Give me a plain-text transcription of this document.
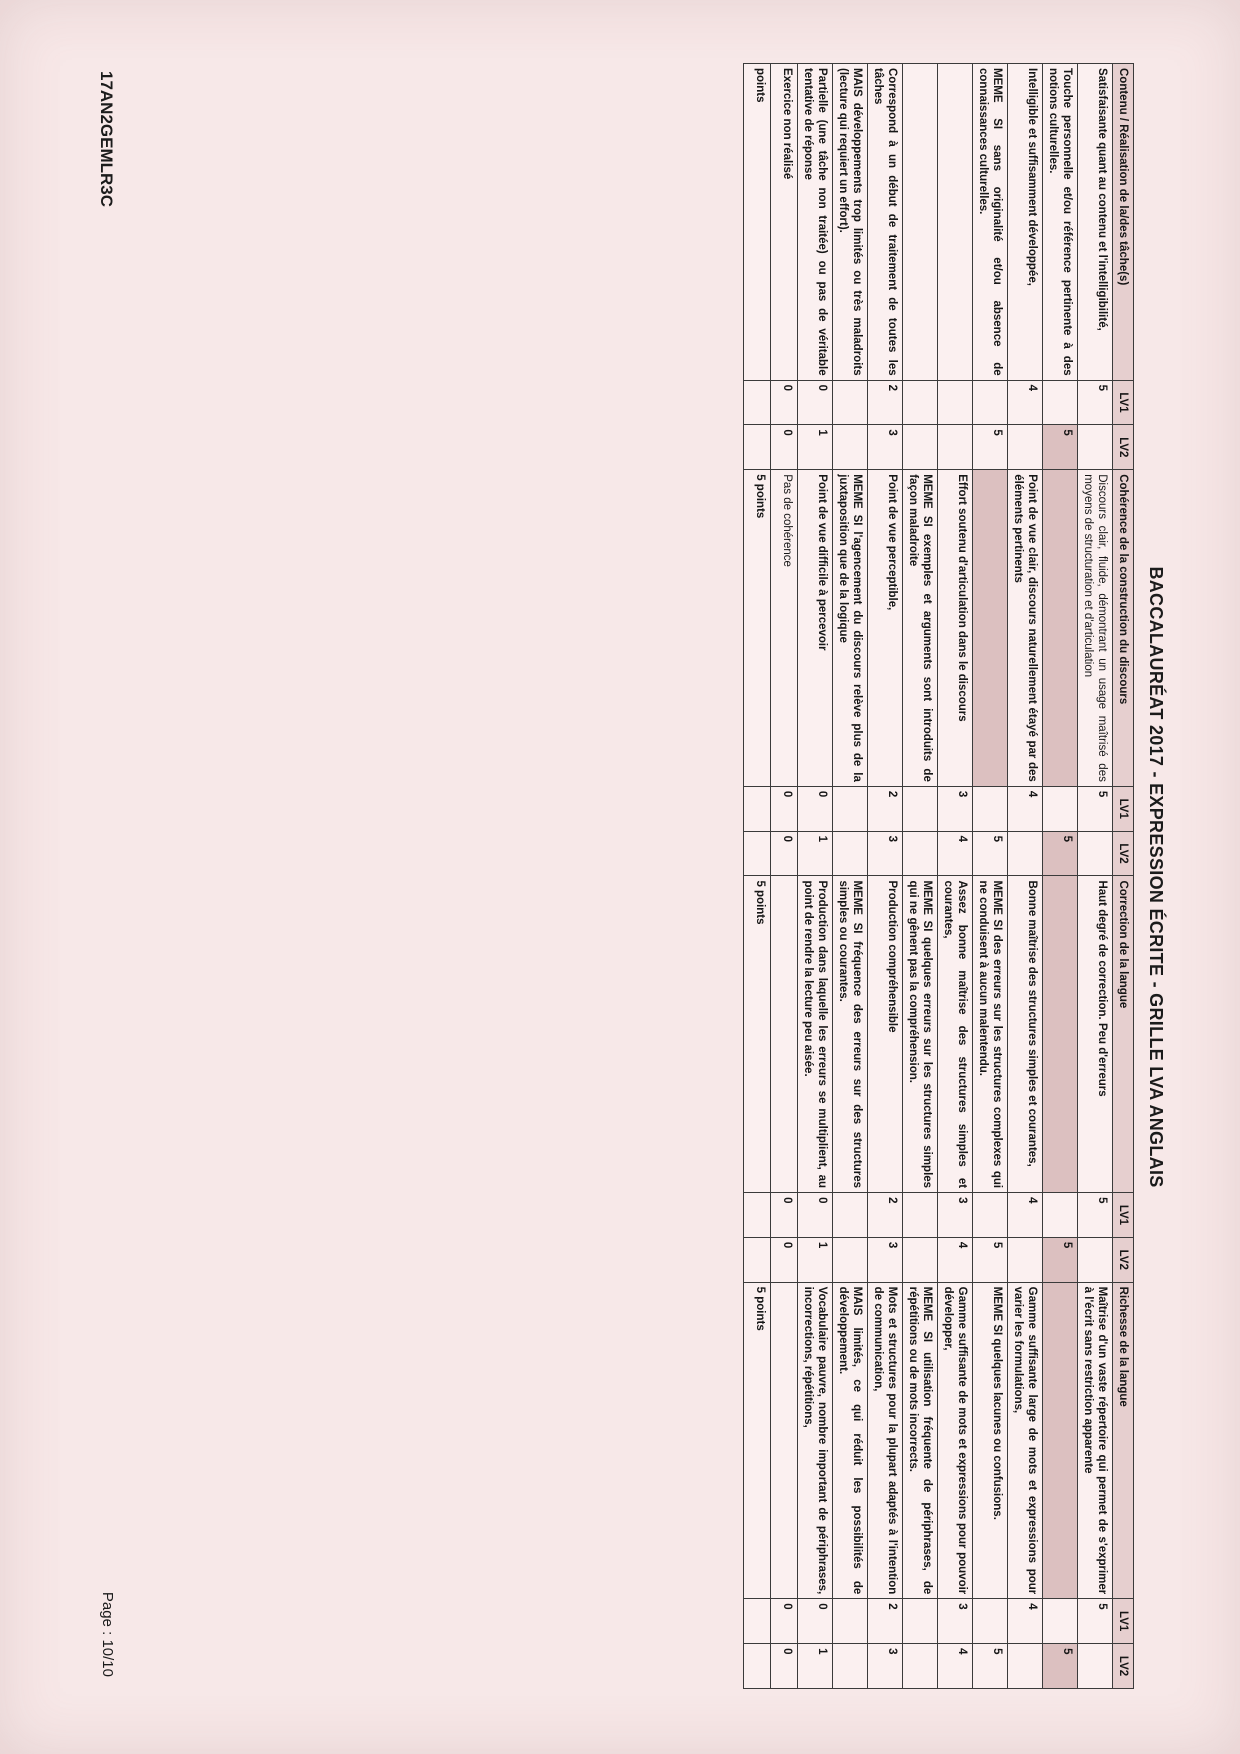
BACCALAURÉAT 2017 - EXPRESSION ÉCRITE - GRILLE LVA ANGLAIS
17AN2GEMLR3C
Page : 10/10
Contenu / Réalisation de la/des tâche(s)	LV1	LV2	Cohérence de la construction du discours	LV1	LV2	Correction de la langue	LV1	LV2	Richesse de la langue	LV1	LV2
Satisfaisante quant au contenu et l'intelligibilité,	5		Discours clair, fluide, démontrant un usage maîtrisé des moyens de structuration et d'articulation	5		Haut degré de correction. Peu d'erreurs	5		Maîtrise d'un vaste répertoire qui permet de s'exprimer à l'écrit sans restriction apparente	5	
Touche personnelle et/ou référence pertinente à des notions culturelles.		5			5			5			5
Intelligible et suffisamment développée,	4		Point de vue clair, discours naturellement étayé par des éléments pertinents	4		Bonne maîtrise des structures simples et courantes,	4		Gamme suffisante large de mots et expressions pour varier les formulations,	4	
MEME SI sans originalité et/ou absence de connaissances culturelles.		5			5	MEME SI des erreurs sur les structures complexes qui ne conduisent à aucun malentendu.		5	MEME SI quelques lacunes ou confusions.		5
			Effort soutenu d'articulation dans le discours	3	4	Assez bonne maîtrise des structures simples et courantes,	3	4	Gamme suffisante de mots et expressions pour pouvoir développer,	3	4
			MEME SI exemples et arguments sont introduits de façon maladroite			MEME SI quelques erreurs sur les structures simples qui ne gênent pas la compréhension.			MEME SI utilisation fréquente de périphrases, de répétitions ou de mots incorrects.		
Correspond à un début de traitement de toutes les tâches	2	3	Point de vue perceptible,	2	3	Production compréhensible	2	3	Mots et structures pour la plupart adaptés à l'intention de communication,	2	3
MAIS développements trop limités ou très maladroits (lecture qui requiert un effort).			MEME SI l'agencement du discours relève plus de la juxtaposition que de la logique			MEME SI fréquence des erreurs sur des structures simples ou courantes.			MAIS limités, ce qui réduit les possibilités de développement.		
Partielle (une tâche non traitée) ou pas de véritable tentative de réponse	0	1	Point de vue difficile à percevoir	0	1	Production dans laquelle les erreurs se multiplient, au point de rendre la lecture peu aisée.	0	1	Vocabulaire pauvre, nombre important de périphrases, incorrections, répétitions,	0	1
Exercice non réalisé	0	0	Pas de cohérence	0	0		0	0		0	0
points			5 points			5 points			5 points		
